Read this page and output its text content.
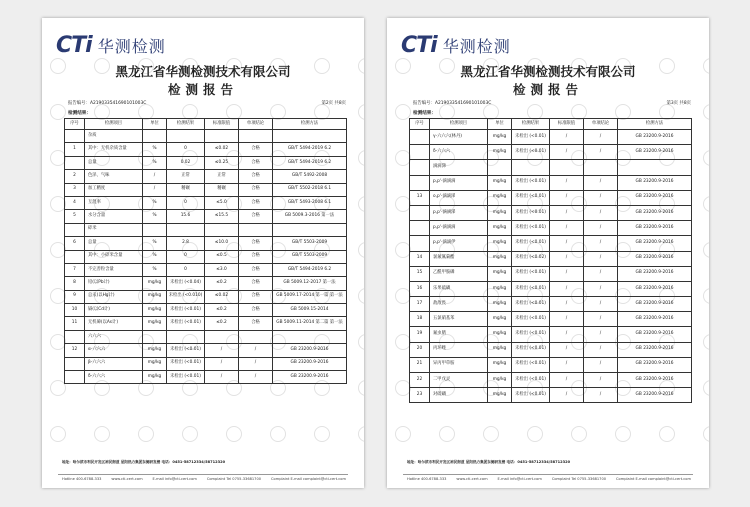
CTi 华测检测
黑龙江省华测检测技术有限公司
检测报告
报告编号：A219033541690101003C	第2页 共8页
检测结果：
序号	检测项目	单位	检测结果	标准限值	单项结论	检测方法
	杂质					
1	其中：无机杂质含量	%	0	≤0.02	合格	GB/T 5494-2019 6.2
	总量	%	0.02	≤0.25	合格	GB/T 5494-2019 6.2
2	色泽、气味	/	正常	正常	合格	GB/T 5492-2008
3	加工精度	/	精碾	精碾	合格	GB/T 5502-2018 6.1
4	互混率	%	0	≤5.0	合格	GB/T 5493-2008 6.1
5	水分含量	%	15.6	≤15.5	合格	GB 5009.3-2016 第一法
	碎米					
6	总量	%	2.8	≤10.0	合格	GB/T 5503-2009
	其中：小碎米含量	%	0	≤0.5	合格	GB/T 5503-2009
7	不完善粒含量	%	0	≤3.0	合格	GB/T 5494-2019 6.2
8	铅(以Pb计)	mg/kg	未检出 (<0.04)	≤0.2	合格	GB 5009.12-2017 第一法
9	总汞(以Hg计)	mg/kg	未检出 (<0.010)	≤0.02	合格	GB 5009.17-2014 第一篇 第一法
10	镉(以Cd计)	mg/kg	未检出 (<0.01)	≤0.2	合格	GB 5009.15-2014
11	无机砷(以As计)	mg/kg	未检出 (<0.01)	≤0.2	合格	GB 5009.11-2014 第二篇 第一法
	六六六					
12	α-六六六	mg/kg	未检出 (<0.01)	/	/	GB 23200.9-2016
	β-六六六	mg/kg	未检出 (<0.01)	/	/	GB 23200.9-2016
	δ-六六六	mg/kg	未检出 (<0.01)	/	/	GB 23200.9-2016
地址：哈尔滨市利民开发区裕民街道 星阳热力集团东侧研发楼 电话：0451-58712334/58712320
Hotline 400-6788-333	www.cti-cert.com	E-mail info@cti-cert.com	Complaint Tel 0755-33681700	Complaint E-mail complaint@cti-cert.com
CTi 华测检测
黑龙江省华测检测技术有限公司
检测报告
报告编号：A219033541690101003C	第3页 共8页
检测结果：
序号	检测项目	单位	检测结果	标准限值	单项结论	检测方法
	γ-六六六(林丹)	mg/kg	未检出 (<0.01)	/	/	GB 23200.9-2016
	δ-六六六	mg/kg	未检出 (<0.01)	/	/	GB 23200.9-2016
	滴滴涕					
	p,p'-滴滴滴	mg/kg	未检出 (<0.01)	/	/	GB 23200.9-2016
13	o,p'-滴滴涕	mg/kg	未检出 (<0.01)	/	/	GB 23200.9-2016
	p,p'-滴滴涕	mg/kg	未检出 (<0.01)	/	/	GB 23200.9-2016
	p,p'-滴滴滴	mg/kg	未检出 (<0.01)	/	/	GB 23200.9-2016
	p,p'-滴滴伊	mg/kg	未检出 (<0.01)	/	/	GB 23200.9-2016
14	氯氟氰菊酯	mg/kg	未检出 (<0.02)	/	/	GB 23200.9-2016
15	乙酰甲胺磷	mg/kg	未检出 (<0.01)	/	/	GB 23200.9-2016
16	乐果硫磷	mg/kg	未检出 (<0.01)	/	/	GB 23200.9-2016
17	敌敌畏	mg/kg	未检出 (<0.01)	/	/	GB 23200.9-2016
18	五氯硝基苯	mg/kg	未检出 (<0.01)	/	/	GB 23200.9-2016
19	氟虫腈	mg/kg	未检出 (<0.01)	/	/	GB 23200.9-2016
20	丙环唑	mg/kg	未检出 (<0.01)	/	/	GB 23200.9-2016
21	异丙甲草胺	mg/kg	未检出 (<0.01)	/	/	GB 23200.9-2016
22	二甲戊灵	mg/kg	未检出 (<0.01)	/	/	GB 23200.9-2016
23	对硫磷	mg/kg	未检出 (<0.01)	/	/	GB 23200.9-2016
地址：哈尔滨市利民开发区裕民街道 星阳热力集团东侧研发楼 电话：0451-58712334/58712320
Hotline 400-6788-333	www.cti-cert.com	E-mail info@cti-cert.com	Complaint Tel 0755-33681700	Complaint E-mail complaint@cti-cert.com
